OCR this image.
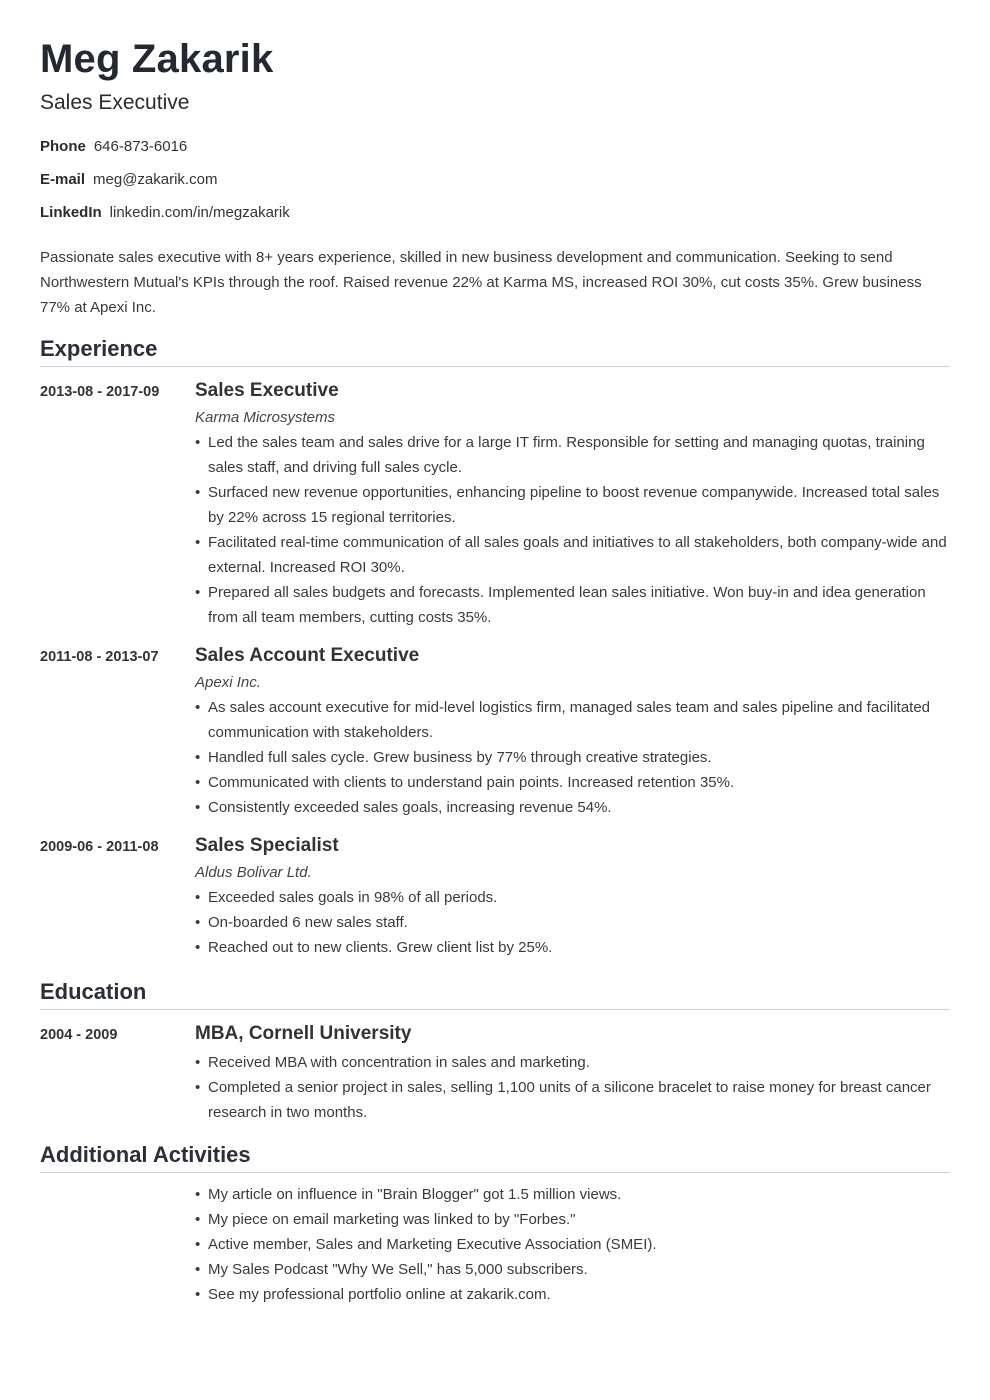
Meg Zakarik
Sales Executive
Phone 646-873-6016
E-mail meg@zakarik.com
LinkedIn linkedin.com/in/megzakarik

Passionate sales executive with 8+ years experience, skilled in new business development and communication. Seeking to send Northwestern Mutual's KPIs through the roof. Raised revenue 22% at Karma MS, increased ROI 30%, cut costs 35%. Grew business 77% at Apexi Inc.

Experience
2013-08 - 2017-09 Sales Executive
Karma Microsystems
• Led the sales team and sales drive for a large IT firm. Responsible for setting and managing quotas, training sales staff, and driving full sales cycle.
• Surfaced new revenue opportunities, enhancing pipeline to boost revenue companywide. Increased total sales by 22% across 15 regional territories.
• Facilitated real-time communication of all sales goals and initiatives to all stakeholders, both company-wide and external. Increased ROI 30%.
• Prepared all sales budgets and forecasts. Implemented lean sales initiative. Won buy-in and idea generation from all team members, cutting costs 35%.
2011-08 - 2013-07 Sales Account Executive
Apexi Inc.
• As sales account executive for mid-level logistics firm, managed sales team and sales pipeline and facilitated communication with stakeholders.
• Handled full sales cycle. Grew business by 77% through creative strategies.
• Communicated with clients to understand pain points. Increased retention 35%.
• Consistently exceeded sales goals, increasing revenue 54%.
2009-06 - 2011-08 Sales Specialist
Aldus Bolivar Ltd.
• Exceeded sales goals in 98% of all periods.
• On-boarded 6 new sales staff.
• Reached out to new clients. Grew client list by 25%.
Education
2004 - 2009	MBA, Cornell University
• Received MBA with concentration in sales and marketing.
• Completed a senior project in sales, selling 1,100 units of a silicone bracelet to raise money for breast cancer research in two months.
Additional Activities
• My article on influence in "Brain Blogger" got 1.5 million views.
• My piece on email marketing was linked to by "Forbes."
• Active member, Sales and Marketing Executive Association (SMEI).
• My Sales Podcast "Why We Sell," has 5,000 subscribers.
• See my professional portfolio online at zakarik.com.
